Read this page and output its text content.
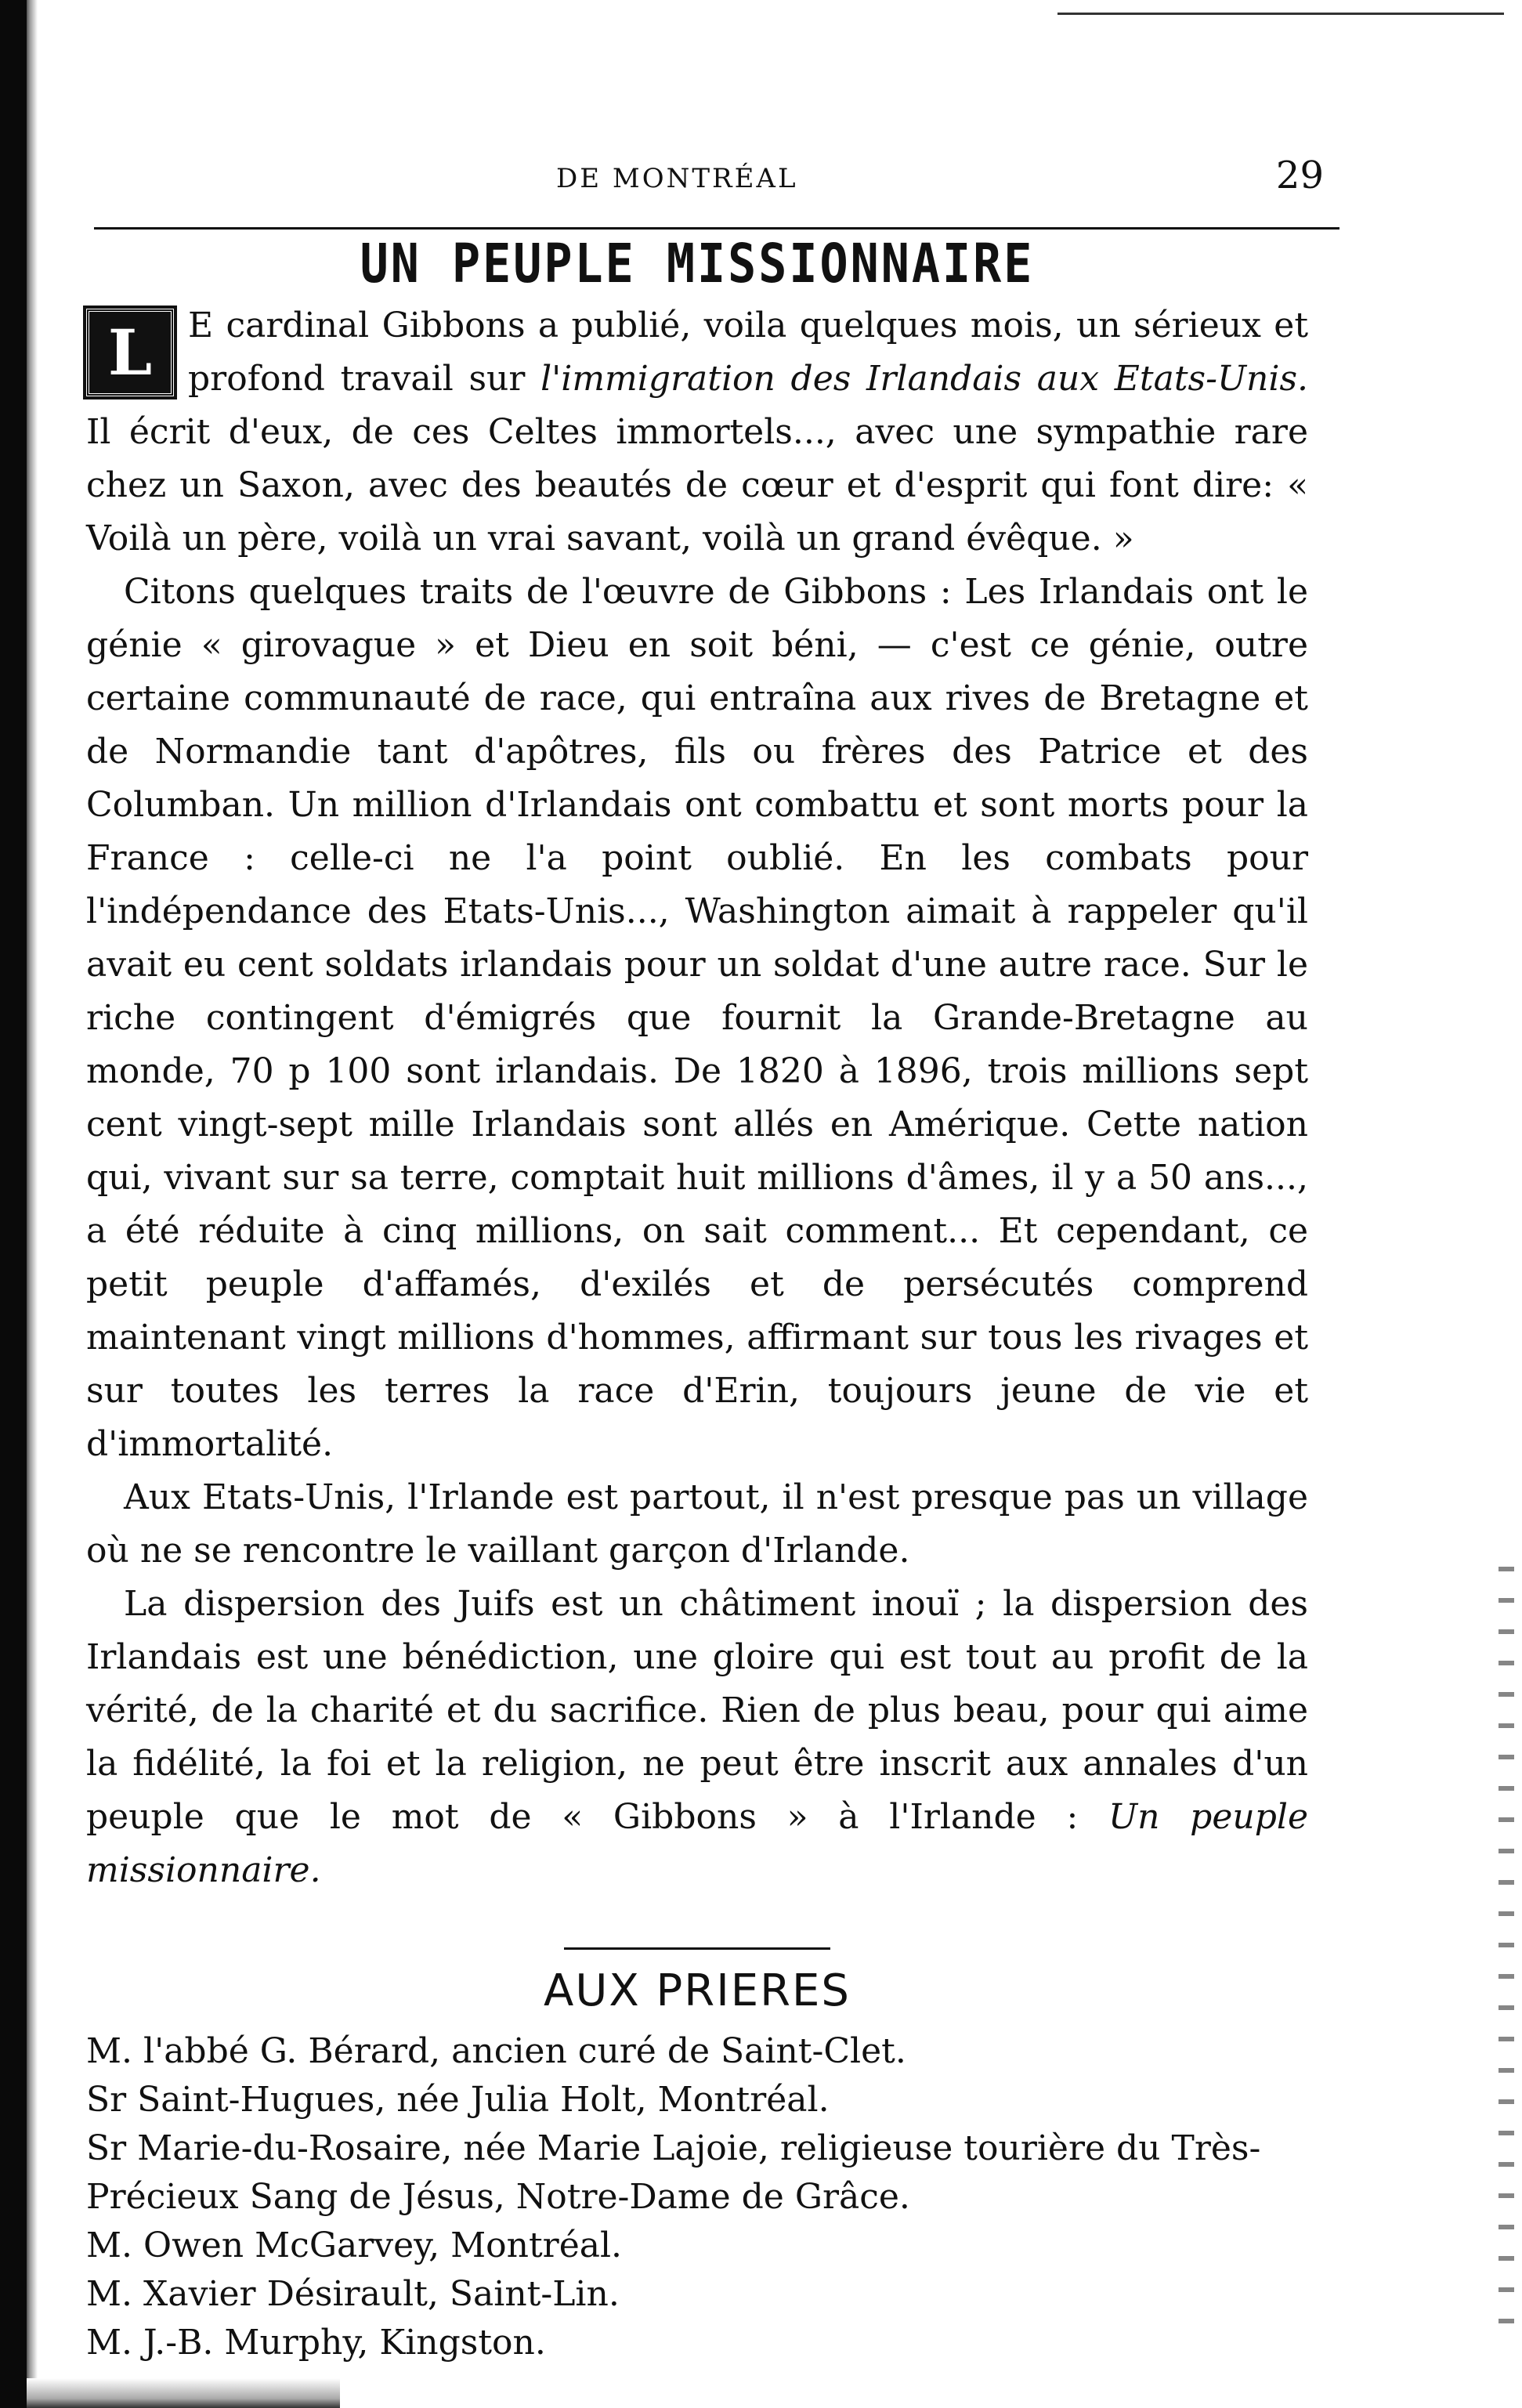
DE MONTRÉAL	29
UN PEUPLE MISSIONNAIRE

L	E cardinal Gibbons a publié, voila quelques mois, un sérieux et profond travail sur l'immigration des Irlandais aux Etats-Unis. Il écrit d'eux, de ces Celtes immortels..., avec une sympathie rare chez un Saxon, avec des beautés de cœur et d'esprit qui font dire: « Voilà un père, voilà un vrai savant, voilà un grand évêque. »

Citons quelques traits de l'œuvre de Gibbons : Les Irlandais ont le génie « girovague » et Dieu en soit béni, — c'est ce génie, outre certaine communauté de race, qui entraîna aux rives de Bretagne et de Normandie tant d'apôtres, fils ou frères des Patrice et des Columban. Un million d'Irlandais ont combattu et sont morts pour la France : celle-ci ne l'a point oublié. En les combats pour l'indépendance des Etats-Unis..., Washington aimait à rappeler qu'il avait eu cent soldats irlandais pour un soldat d'une autre race. Sur le riche contingent d'émigrés que fournit la Grande-Bretagne au monde, 70 p 100 sont irlandais. De 1820 à 1896, trois millions sept cent vingt-sept mille Irlandais sont allés en Amérique. Cette nation qui, vivant sur sa terre, comptait huit millions d'âmes, il y a 50 ans..., a été réduite à cinq millions, on sait comment... Et cependant, ce petit peuple d'affamés, d'exilés et de persécutés comprend maintenant vingt millions d'hommes, affirmant sur tous les rivages et sur toutes les terres la race d'Erin, toujours jeune de vie et d'immortalité.

Aux Etats-Unis, l'Irlande est partout, il n'est presque pas un village où ne se rencontre le vaillant garçon d'Irlande.

La dispersion des Juifs est un châtiment inouï ; la dispersion des Irlandais est une bénédiction, une gloire qui est tout au profit de la vérité, de la charité et du sacrifice. Rien de plus beau, pour qui aime la fidélité, la foi et la religion, ne peut être inscrit aux annales d'un peuple que le mot de « Gibbons » à l'Irlande : Un peuple missionnaire.

AUX PRIERES

M. l'abbé G. Bérard, ancien curé de Saint-Clet.

Sr Saint-Hugues, née Julia Holt, Montréal.

Sr Marie-du-Rosaire, née Marie Lajoie, religieuse tourière du Très-Précieux Sang de Jésus, Notre-Dame de Grâce.

M. Owen McGarvey, Montréal.

M. Xavier Désirault, Saint-Lin.

M. J.-B. Murphy, Kingston.
